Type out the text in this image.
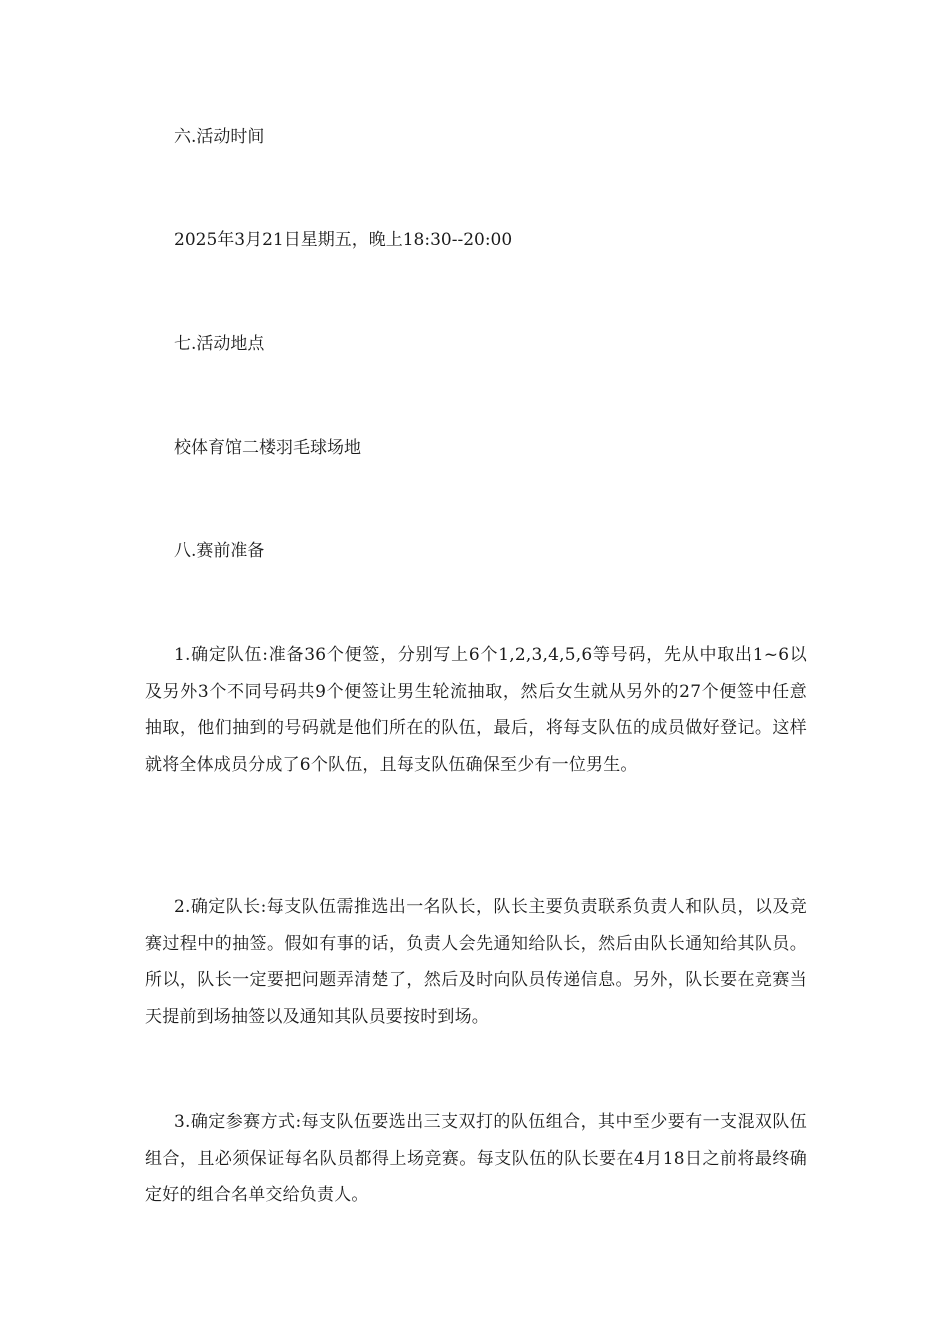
六.活动时间
2025年3月21日星期五，晚上18:30--20:00
七.活动地点
校体育馆二楼羽毛球场地
八.赛前准备
1.确定队伍:准备36个便签，分别写上6个1,2,3,4,5,6等号码，先从中取出1~6以及另外3个不同号码共9个便签让男生轮流抽取，然后女生就从另外的27个便签中任意抽取，他们抽到的号码就是他们所在的队伍，最后，将每支队伍的成员做好登记。这样就将全体成员分成了6个队伍，且每支队伍确保至少有一位男生。
2.确定队长:每支队伍需推选出一名队长，队长主要负责联系负责人和队员，以及竞赛过程中的抽签。假如有事的话，负责人会先通知给队长，然后由队长通知给其队员。所以，队长一定要把问题弄清楚了，然后及时向队员传递信息。另外，队长要在竞赛当天提前到场抽签以及通知其队员要按时到场。
3.确定参赛方式:每支队伍要选出三支双打的队伍组合，其中至少要有一支混双队伍组合，且必须保证每名队员都得上场竞赛。每支队伍的队长要在4月18日之前将最终确定好的组合名单交给负责人。
